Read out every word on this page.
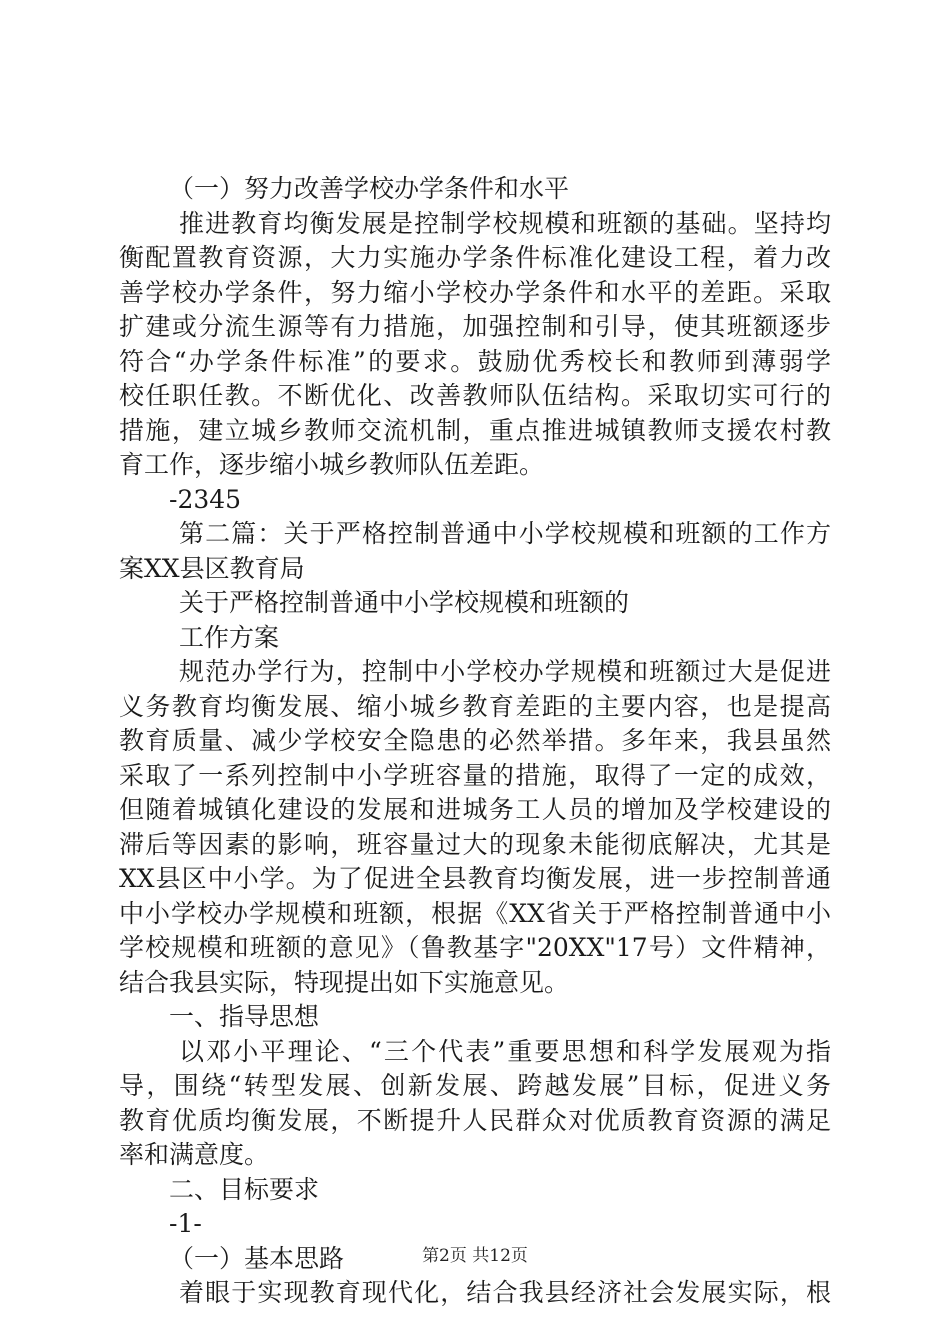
（一）努力改善学校办学条件和水平
推进教育均衡发展是控制学校规模和班额的基础。坚持均
衡配置教育资源，大力实施办学条件标准化建设工程，着力改
善学校办学条件，努力缩小学校办学条件和水平的差距。采取
扩建或分流生源等有力措施，加强控制和引导，使其班额逐步
符合“办学条件标准”的要求。鼓励优秀校长和教师到薄弱学
校任职任教。不断优化、改善教师队伍结构。采取切实可行的
措施，建立城乡教师交流机制，重点推进城镇教师支援农村教
育工作，逐步缩小城乡教师队伍差距。
-2345
第二篇：关于严格控制普通中小学校规模和班额的工作方
案XX县区教育局
关于严格控制普通中小学校规模和班额的
工作方案
规范办学行为，控制中小学校办学规模和班额过大是促进
义务教育均衡发展、缩小城乡教育差距的主要内容，也是提高
教育质量、减少学校安全隐患的必然举措。多年来，我县虽然
采取了一系列控制中小学班容量的措施，取得了一定的成效，
但随着城镇化建设的发展和进城务工人员的增加及学校建设的
滞后等因素的影响，班容量过大的现象未能彻底解决，尤其是
XX县区中小学。为了促进全县教育均衡发展，进一步控制普通
中小学校办学规模和班额，根据《XX省关于严格控制普通中小
学校规模和班额的意见》（鲁教基字"20XX"17号）文件精神，
结合我县实际，特现提出如下实施意见。
一、指导思想
以邓小平理论、“三个代表”重要思想和科学发展观为指
导，围绕“转型发展、创新发展、跨越发展”目标，促进义务
教育优质均衡发展，不断提升人民群众对优质教育资源的满足
率和满意度。
二、目标要求
-1-
（一）基本思路
着眼于实现教育现代化，结合我县经济社会发展实际，根
第2页 共12页
